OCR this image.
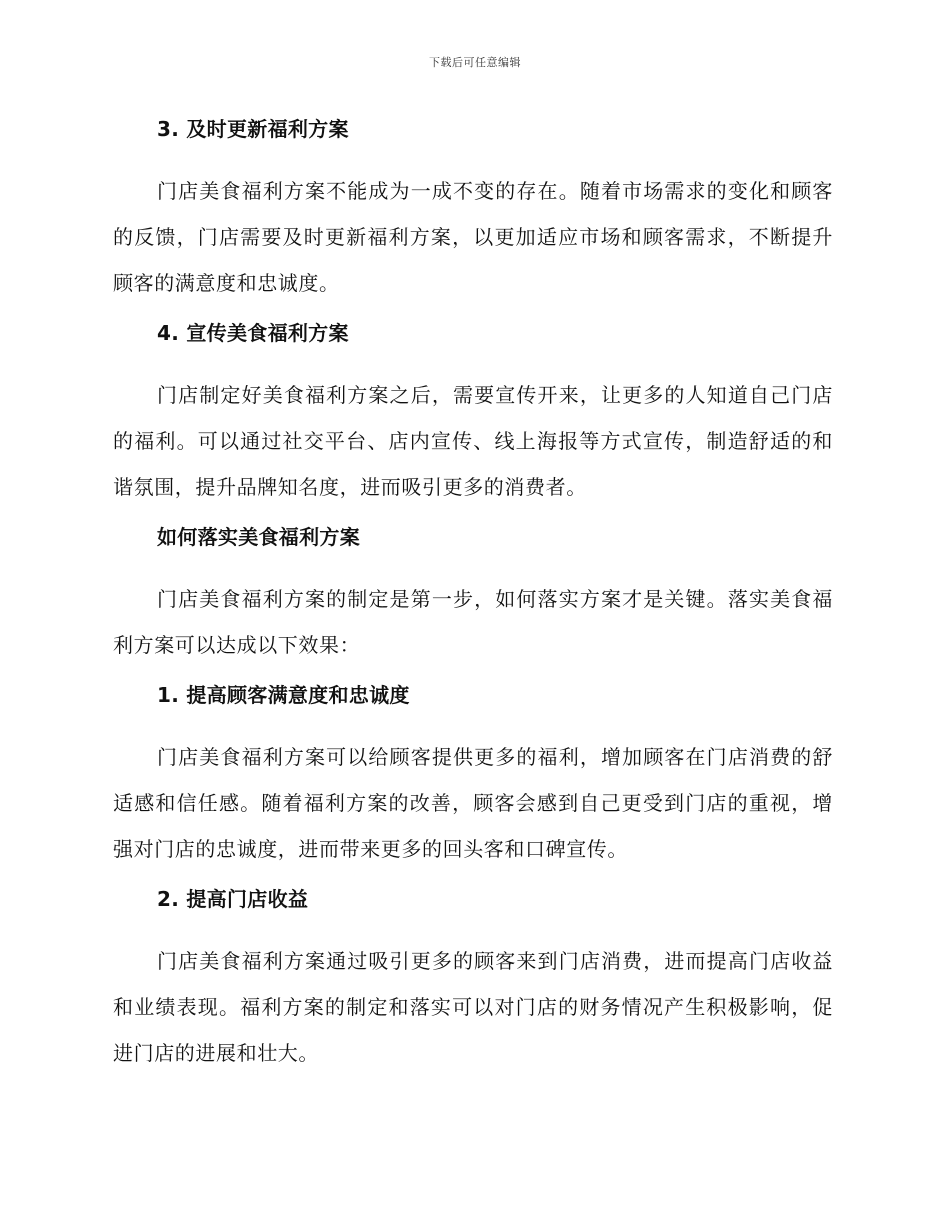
下载后可任意编辑
3. 及时更新福利方案

门店美食福利方案不能成为一成不变的存在。随着市场需求的变化和顾客的反馈，门店需要及时更新福利方案，以更加适应市场和顾客需求，不断提升顾客的满意度和忠诚度。

4. 宣传美食福利方案

门店制定好美食福利方案之后，需要宣传开来，让更多的人知道自己门店的福利。可以通过社交平台、店内宣传、线上海报等方式宣传，制造舒适的和谐氛围，提升品牌知名度，进而吸引更多的消费者。

如何落实美食福利方案

门店美食福利方案的制定是第一步，如何落实方案才是关键。落实美食福利方案可以达成以下效果：

1. 提高顾客满意度和忠诚度

门店美食福利方案可以给顾客提供更多的福利，增加顾客在门店消费的舒适感和信任感。随着福利方案的改善，顾客会感到自己更受到门店的重视，增强对门店的忠诚度，进而带来更多的回头客和口碑宣传。

2. 提高门店收益

门店美食福利方案通过吸引更多的顾客来到门店消费，进而提高门店收益和业绩表现。福利方案的制定和落实可以对门店的财务情况产生积极影响，促进门店的进展和壮大。
